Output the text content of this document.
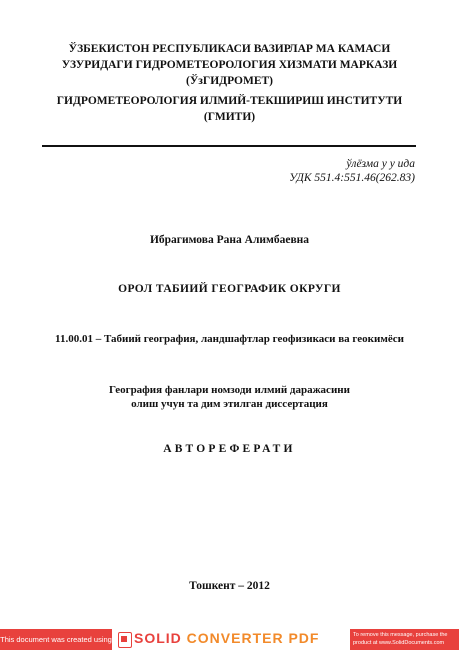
ЎЗБЕКИСТОН РЕСПУБЛИКАСИ ВАЗИРЛАР МА КАМАСИ
УЗУРИДАГИ ГИДРОМЕТЕОРОЛОГИЯ ХИЗМАТИ МАРКАЗИ
(ЎзГИДРОМЕТ)
ГИДРОМЕТЕОРОЛОГИЯ ИЛМИЙ-ТЕКШИРИШ ИНСТИТУТИ
(ГМИТИ)
ўлёзма у у ида
УДК 551.4:551.46(262.83)
Ибрагимова Рана Алимбаевна
ОРОЛ ТАБИИЙ ГЕОГРАФИК ОКРУГИ
11.00.01 – Табиий география, ландшафтлар геофизикаси ва геокимёси
География фанлари номзоди илмий даражасини
олиш учун та дим этилган диссертация
АВТОРЕФЕРАТИ
Тошкент – 2012
This document was created using SOLID CONVERTER PDF	To remove this message, purchase the product at www.SolidDocuments.com
